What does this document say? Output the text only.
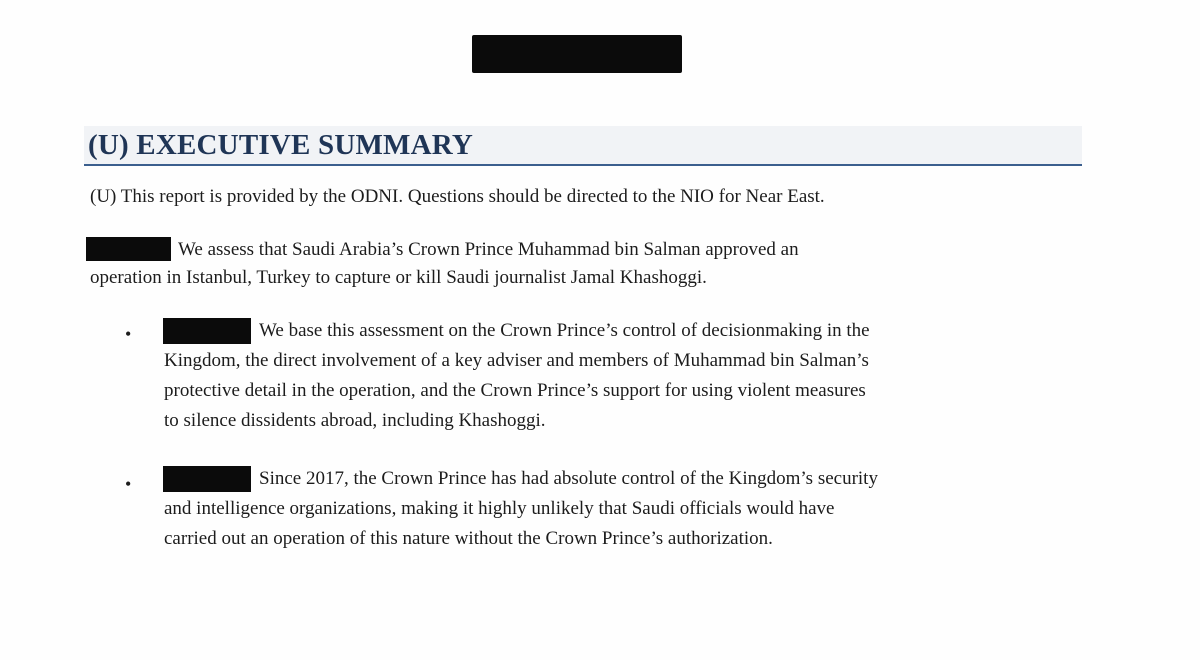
(U) EXECUTIVE SUMMARY
(U) This report is provided by the ODNI. Questions should be directed to the NIO for Near East.
We assess that Saudi Arabia’s Crown Prince Muhammad bin Salman approved an
operation in Istanbul, Turkey to capture or kill Saudi journalist Jamal Khashoggi.
•	We base this assessment on the Crown Prince’s control of decisionmaking in the
Kingdom, the direct involvement of a key adviser and members of Muhammad bin Salman’s
protective detail in the operation, and the Crown Prince’s support for using violent measures
to silence dissidents abroad, including Khashoggi.
•	Since 2017, the Crown Prince has had absolute control of the Kingdom’s security
and intelligence organizations, making it highly unlikely that Saudi officials would have
carried out an operation of this nature without the Crown Prince’s authorization.
